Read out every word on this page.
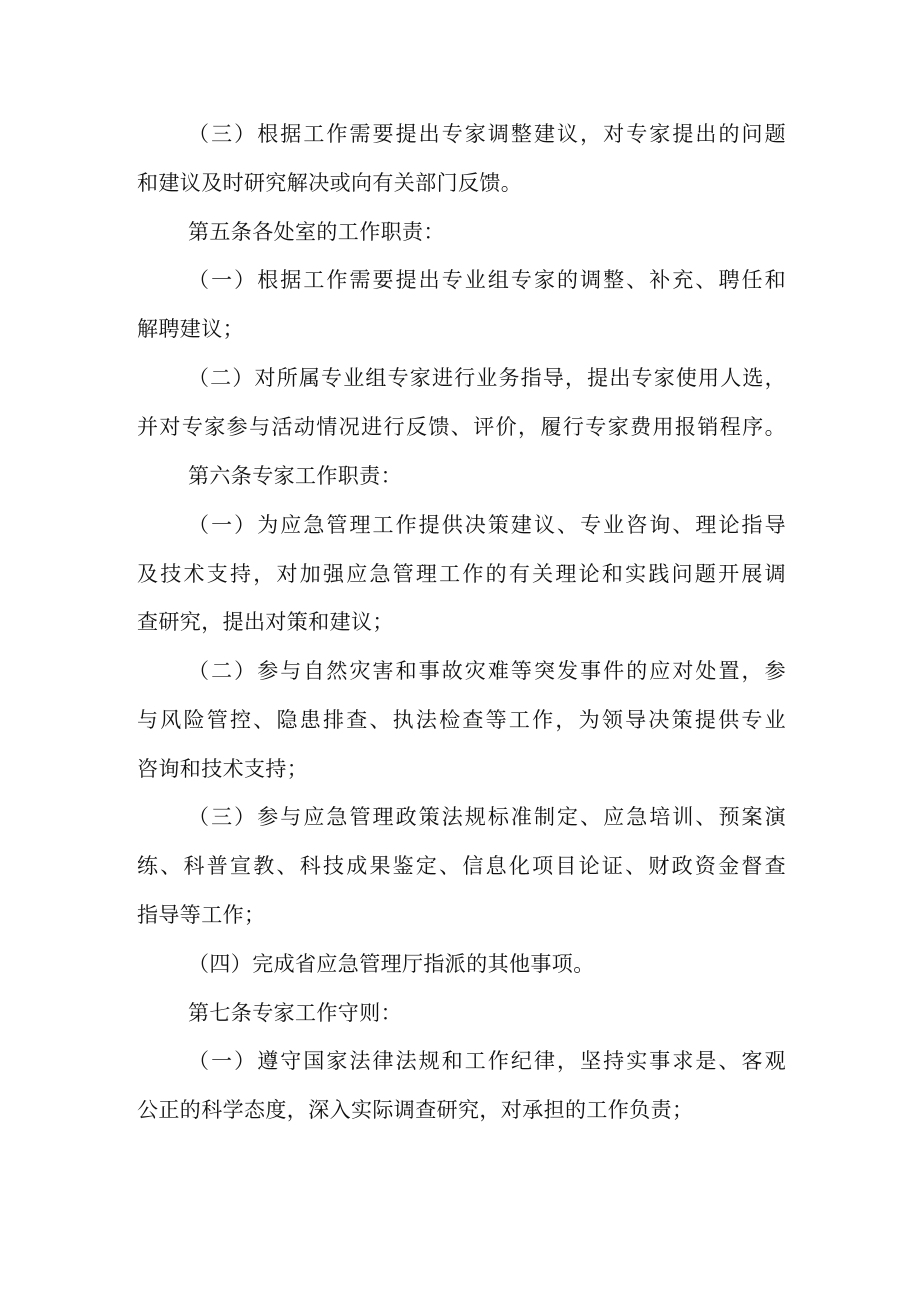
（三）根据工作需要提出专家调整建议，对专家提出的问题
和建议及时研究解决或向有关部门反馈。
第五条各处室的工作职责：
（一）根据工作需要提出专业组专家的调整、补充、聘任和
解聘建议；
（二）对所属专业组专家进行业务指导，提出专家使用人选，
并对专家参与活动情况进行反馈、评价，履行专家费用报销程序。
第六条专家工作职责：
（一）为应急管理工作提供决策建议、专业咨询、理论指导
及技术支持，对加强应急管理工作的有关理论和实践问题开展调
查研究，提出对策和建议；
（二）参与自然灾害和事故灾难等突发事件的应对处置，参
与风险管控、隐患排查、执法检查等工作，为领导决策提供专业
咨询和技术支持；
（三）参与应急管理政策法规标准制定、应急培训、预案演
练、科普宣教、科技成果鉴定、信息化项目论证、财政资金督查
指导等工作；
（四）完成省应急管理厅指派的其他事项。
第七条专家工作守则：
（一）遵守国家法律法规和工作纪律，坚持实事求是、客观
公正的科学态度，深入实际调查研究，对承担的工作负责；
